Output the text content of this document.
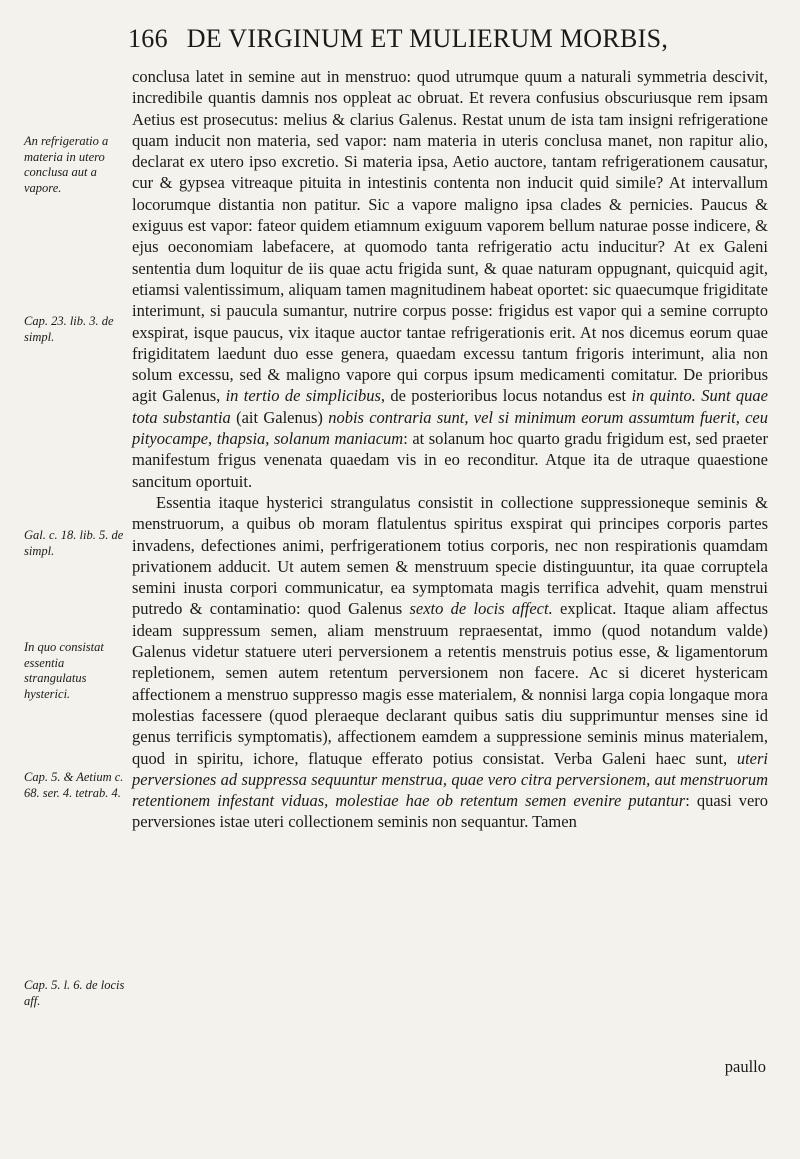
166 DE VIRGINUM ET MULIERUM MORBIS,
An refrigeratio a materia in utero conclusa aut a vapore.
Cap. 23. lib. 3. de simpl.
Gal. c. 18. lib. 5. de simpl.
In quo consistat essentia strangulatus hysterici.
Cap. 5. & Aetium c. 68. ser. 4. tetrab. 4.
Cap. 5. l. 6. de locis aff.

conclusa latet in semine aut in menstruo: quod utrumque quum a naturali symmetria descivit, incredibile quantis damnis nos oppleat ac obruat. Et revera confusius obscuriusque rem ipsam Aetius est prosecutus: melius & clarius Galenus. Restat unum de ista tam insigni refrigeratione quam inducit non materia, sed vapor: nam materia in uteris conclusa manet, non rapitur alio, declarat ex utero ipso excretio. Si materia ipsa, Aetio auctore, tantam refrigerationem causatur, cur & gypsea vitreaque pituita in intestinis contenta non inducit quid simile? At intervallum locorumque distantia non patitur. Sic a vapore maligno ipsa clades & pernicies. Paucus & exiguus est vapor: fateor quidem etiamnum exiguum vaporem bellum naturae posse indicere, & ejus oeconomiam labefacere, at quomodo tanta refrigeratio actu inducitur? At ex Galeni sententia dum loquitur de iis quae actu frigida sunt, & quae naturam oppugnant, quicquid agit, etiamsi valentissimum, aliquam tamen magnitudinem habeat oportet: sic quaecumque frigiditate interimunt, si paucula sumantur, nutrire corpus posse: frigidus est vapor qui a semine corrupto exspirat, isque paucus, vix itaque auctor tantae refrigerationis erit. At nos dicemus eorum quae frigiditatem laedunt duo esse genera, quaedam excessu tantum frigoris interimunt, alia non solum excessu, sed & maligno vapore qui corpus ipsum medicamenti comitatur. De prioribus agit Galenus, in tertio de simplicibus, de posterioribus locus notandus est in quinto. Sunt quae tota substantia (ait Galenus) nobis contraria sunt, vel si minimum eorum assumtum fuerit, ceu pityocampe, thapsia, solanum maniacum: at solanum hoc quarto gradu frigidum est, sed praeter manifestum frigus venenata quaedam vis in eo reconditur. Atque ita de utraque quaestione sancitum oportuit.

Essentia itaque hysterici strangulatus consistit in collectione suppressioneque seminis & menstruorum, a quibus ob moram flatulentus spiritus exspirat qui principes corporis partes invadens, defectiones animi, perfrigerationem totius corporis, nec non respirationis quamdam privationem adducit. Ut autem semen & menstruum specie distinguuntur, ita quae corruptela semini inusta corpori communicatur, ea symptomata magis terrifica advehit, quam menstrui putredo & contaminatio: quod Galenus sexto de locis affect. explicat. Itaque aliam affectus ideam suppressum semen, aliam menstruum repraesentat, immo (quod notandum valde) Galenus videtur statuere uteri perversionem a retentis menstruis potius esse, & ligamentorum repletionem, semen autem retentum perversionem non facere. Ac si diceret hystericam affectionem a menstruo suppresso magis esse materialem, & nonnisi larga copia longaque mora molestias facessere (quod pleraeque declarant quibus satis diu supprimuntur menses sine id genus terrificis symptomatis), affectionem eamdem a suppressione seminis minus materialem, quod in spiritu, ichore, flatuque efferato potius consistat. Verba Galeni haec sunt, uteri perversiones ad suppressa sequuntur menstrua, quae vero citra perversionem, aut menstruorum retentionem infestant viduas, molestiae hae ob retentum semen evenire putantur: quasi vero perversiones istae uteri collectionem seminis non sequantur. Tamen

paullo
